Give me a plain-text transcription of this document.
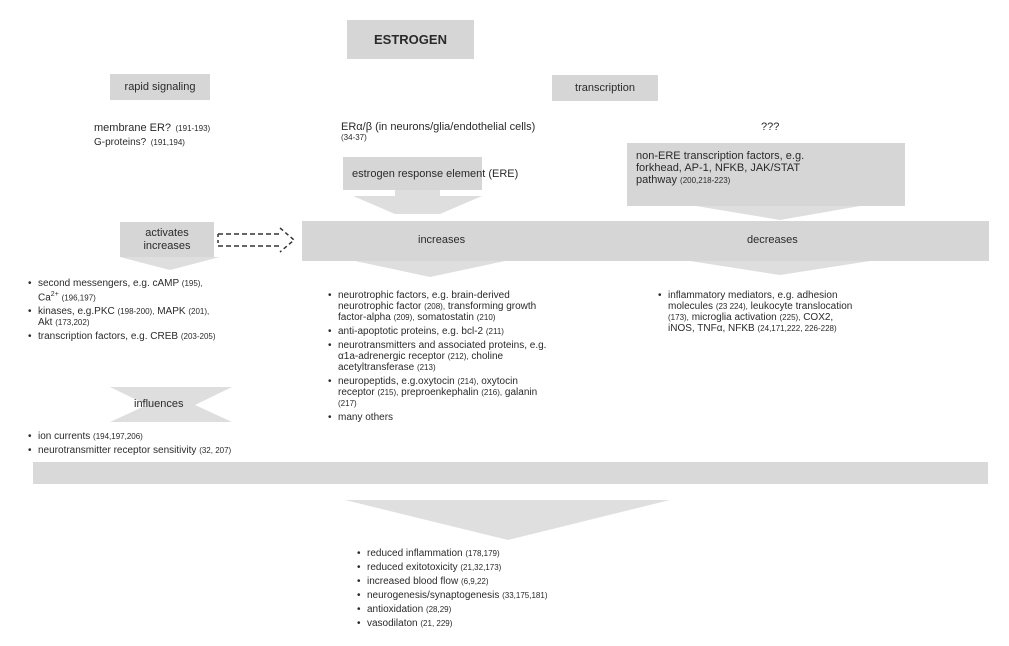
ESTROGEN
rapid signaling
membrane ER? (191-193)
G-proteins? (191,194)
transcription
ERα/β (in neurons/glia/endothelial cells)
(34-37)
???
estrogen response element (ERE)
non-ERE transcription factors, e.g.
forkhead, AP-1, NFKB, JAK/STAT
pathway (200,218-223)
activates
increases	increases	decreases
• second messengers, e.g. cAMP (195),
$Ca^{2+}$ (196,197)
• kinases, e.g.PKC (198-200), MAPK (201),
Akt (173,202)
• transcription factors, e.g. CREB (203-205)
influences
• ion currents (194,197,206)
• neurotransmitter receptor sensitivity (32, 207)
• neurotrophic factors, e.g. brain-derived
neurotrophic factor (208), transforming growth
factor-alpha (209), somatostatin (210)
• anti-apoptotic proteins, e.g. bcl-2 (211)
• neurotransmitters and associated proteins, e.g.
α1a-adrenergic receptor (212), choline
acetyltransferase (213)
• neuropeptids, e.g.oxytocin (214), oxytocin
receptor (215), preproenkephalin (216), galanin
(217)
• many others
• inflammatory mediators, e.g. adhesion
molecules (23 224), leukocyte translocation
(173), microglia activation (225), COX2,
iNOS, TNFα, NFKB (24,171,222, 226-228)
• reduced inflammation (178,179)
• reduced exitotoxicity (21,32,173)
• increased blood flow (6,9,22)
• neurogenesis/synaptogenesis (33,175,181)
• antioxidation (28,29)
• vasodilaton (21, 229)
